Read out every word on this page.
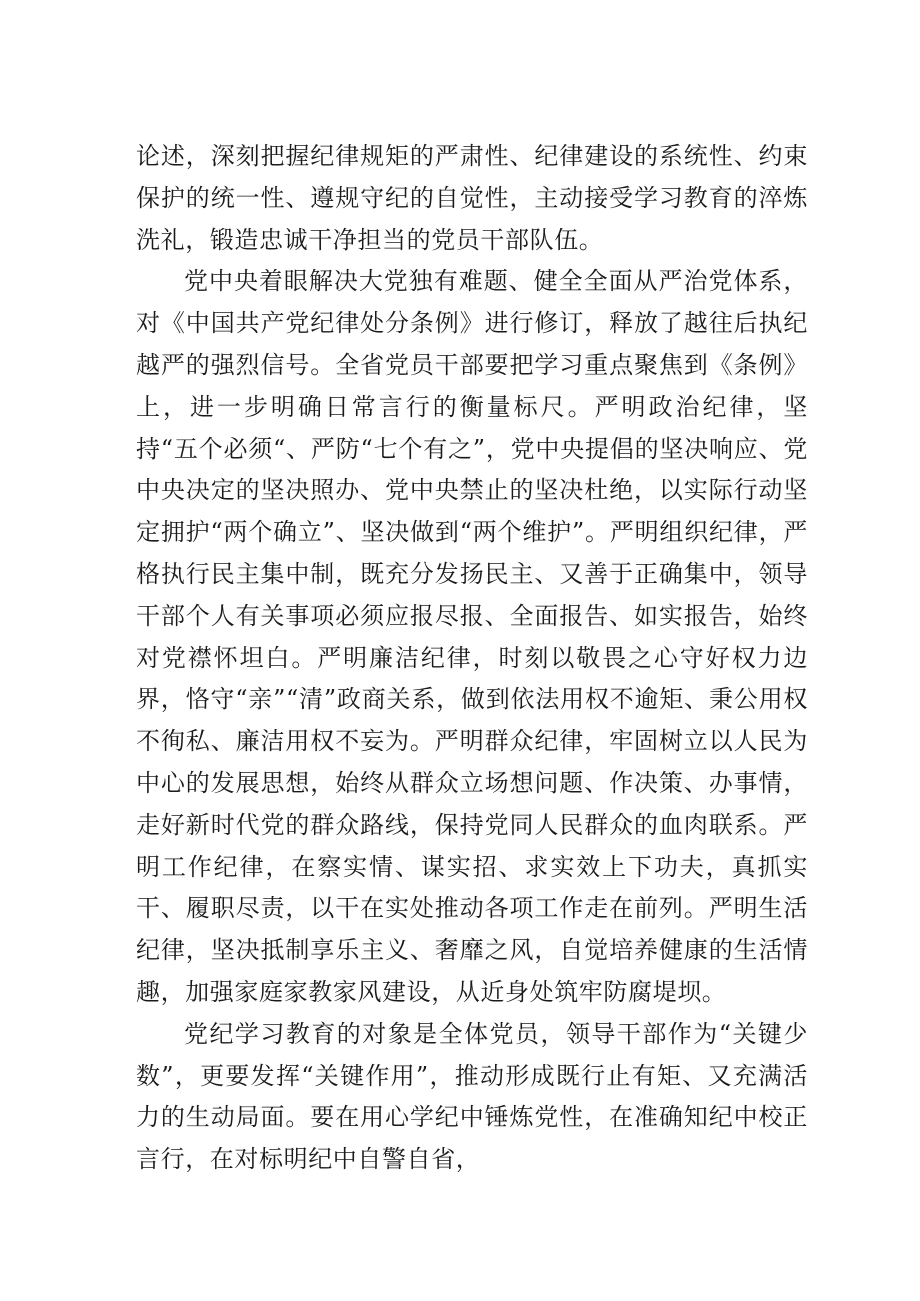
论述，深刻把握纪律规矩的严肃性、纪律建设的系统性、约束保护的统一性、遵规守纪的自觉性，主动接受学习教育的淬炼洗礼，锻造忠诚干净担当的党员干部队伍。

党中央着眼解决大党独有难题、健全全面从严治党体系，对《中国共产党纪律处分条例》进行修订，释放了越往后执纪越严的强烈信号。全省党员干部要把学习重点聚焦到《条例》上，进一步明确日常言行的衡量标尺。严明政治纪律，坚持“五个必须“、严防“七个有之”，党中央提倡的坚决响应、党中央决定的坚决照办、党中央禁止的坚决杜绝，以实际行动坚定拥护“两个确立”、坚决做到“两个维护”。严明组织纪律，严格执行民主集中制，既充分发扬民主、又善于正确集中，领导干部个人有关事项必须应报尽报、全面报告、如实报告，始终对党襟怀坦白。严明廉洁纪律，时刻以敬畏之心守好权力边界，恪守“亲”“清”政商关系，做到依法用权不逾矩、秉公用权不徇私、廉洁用权不妄为。严明群众纪律，牢固树立以人民为中心的发展思想，始终从群众立场想问题、作决策、办事情，走好新时代党的群众路线，保持党同人民群众的血肉联系。严明工作纪律，在察实情、谋实招、求实效上下功夫，真抓实干、履职尽责，以干在实处推动各项工作走在前列。严明生活纪律，坚决抵制享乐主义、奢靡之风，自觉培养健康的生活情趣，加强家庭家教家风建设，从近身处筑牢防腐堤坝。

党纪学习教育的对象是全体党员，领导干部作为“关键少数”，更要发挥“关键作用”，推动形成既行止有矩、又充满活力的生动局面。要在用心学纪中锤炼党性，在准确知纪中校正言行，在对标明纪中自警自省，
